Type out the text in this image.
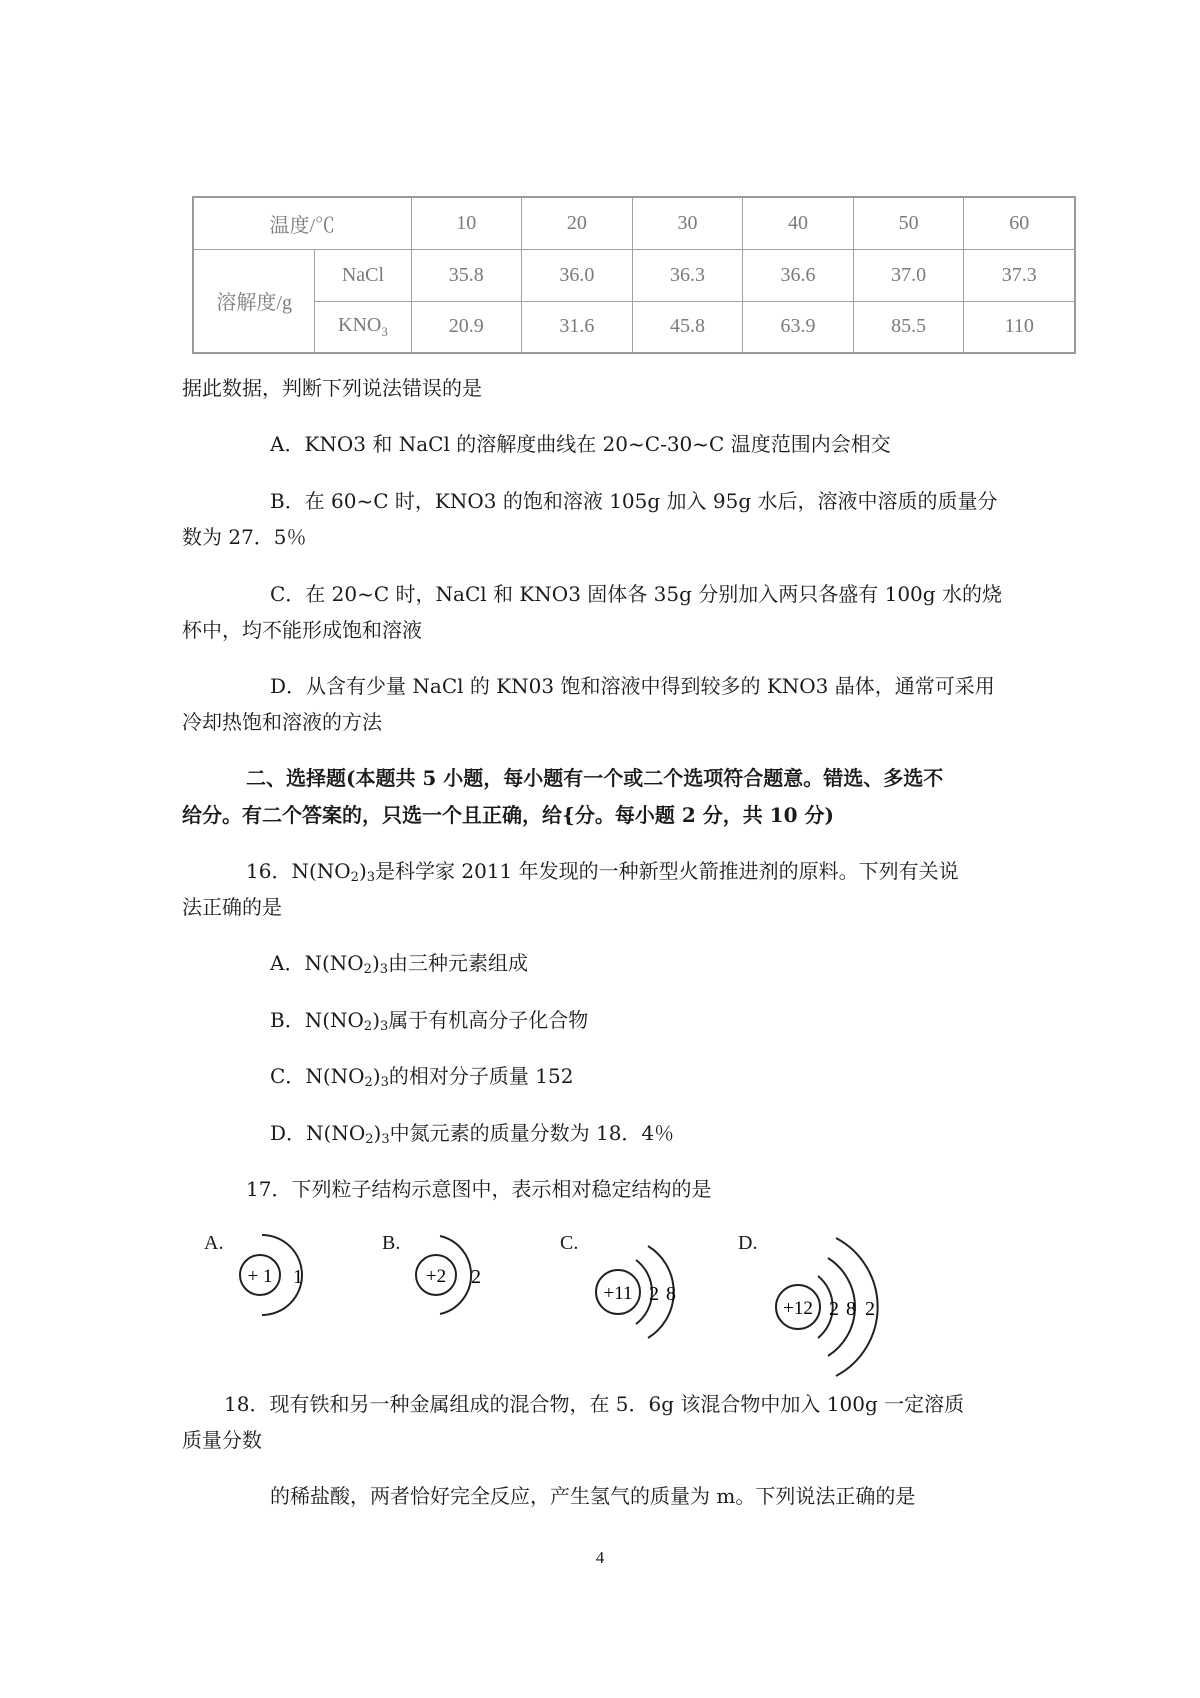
温度/℃		10	20	30	40	50	60
溶解度/g	NaCl	35.8	36.0	36.3	36.6	37.0	37.3
	$KNO_3$	20.9	31.6	45.8	63.9	85.5	110
据此数据，判断下列说法错误的是
A．KNO3 和 NaCl 的溶解度曲线在 20~C-30~C 温度范围内会相交
B．在 60~C 时，KNO3 的饱和溶液 105g 加入 95g 水后，溶液中溶质的质量分
数为 27．5％
C．在 20~C 时，NaCl 和 KNO3 固体各 35g 分别加入两只各盛有 100g 水的烧
杯中，均不能形成饱和溶液
D．从含有少量 NaCl 的 KN03 饱和溶液中得到较多的 KNO3 晶体，通常可采用
冷却热饱和溶液的方法
二、选择题(本题共 5 小题，每小题有一个或二个选项符合题意。错选、多选不
给分。有二个答案的，只选一个且正确，给{分。每小题 2 分，共 10 分)
16．$N(NO_2)_3$是科学家 2011 年发现的一种新型火箭推进剂的原料。下列有关说
法正确的是
A．$N(NO_2)_3$由三种元素组成
B．$N(NO_2)_3$属于有机高分子化合物
C．$N(NO_2)_3$的相对分子质量 152
D．$N(NO_2)_3$中氮元素的质量分数为 18．4％
17．下列粒子结构示意图中，表示相对稳定结构的是
A.
+ 1 1
B.
+2 2
C.
+11 2 8
D.
+12 2 8 2
18．现有铁和另一种金属组成的混合物，在 5．6g 该混合物中加入 100g 一定溶质
质量分数
的稀盐酸，两者恰好完全反应，产生氢气的质量为 m。下列说法正确的是
4
